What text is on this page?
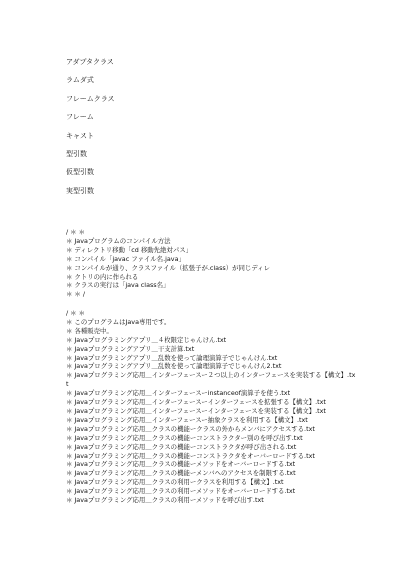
アダプタクラス
ラムダ式
フレームクラス
フレーム
キャスト
型引数
仮型引数
実型引数
/ ＊ ＊
＊ Javaプログラムのコンパイル方法
＊ ディレクトリ移動「cd 移動先絶対パス」
＊ コンパイル「javac ファイル名.java」
＊ コンパイルが通り、クラスファイル（拡張子が.class）が同じディレ
＊ クトリの内に作られる
＊ クラスの実行は「java class名」
＊ ＊ /
/ ＊ ＊
＊ このプログラムはJava専用です。
＊ 各種販売中。
＊ Javaプログラミングアプリ＿４枚限定じゃんけん.txt
＊ Javaプログラミングアプリ＿干支計算.txt
＊ Javaプログラミングアプリ＿乱数を使って論理演算子でじゃんけん.txt
＊ Javaプログラミングアプリ＿乱数を使って論理演算子でじゃんけん2.txt
＊ Javaプログラミング応用＿インターフェースー２つ以上のインターフェースを実装する【構文】.txt
＊ Javaプログラミング応用＿インターフェースーinstanceof演算子を使う.txt
＊ Javaプログラミング応用＿インターフェースーインターフェースを拡張する【構文】.txt
＊ Javaプログラミング応用＿インターフェースーインターフェースを実装する【構文】.txt
＊ Javaプログラミング応用＿インターフェースー抽象クラスを利用する【構文】.txt
＊ Javaプログラミング応用＿クラスの機能ークラスの外からメンバにアクセスする.txt
＊ Javaプログラミング応用＿クラスの機能ーコンストラクター別のを呼び出す.txt
＊ Javaプログラミング応用＿クラスの機能ーコンストラクタが呼び出される.txt
＊ Javaプログラミング応用＿クラスの機能ーコンストラクタをオーバーロードする.txt
＊ Javaプログラミング応用＿クラスの機能ーメソッドをオーバーロードする.txt
＊ Javaプログラミング応用＿クラスの機能ーメンバへのアクセスを制限する.txt
＊ Javaプログラミング応用＿クラスの利用ークラスを利用する【構文】.txt
＊ Javaプログラミング応用＿クラスの利用ーメソッドをオーバーロードする.txt
＊ Javaプログラミング応用＿クラスの利用ーメソッドを呼び出す.txt
